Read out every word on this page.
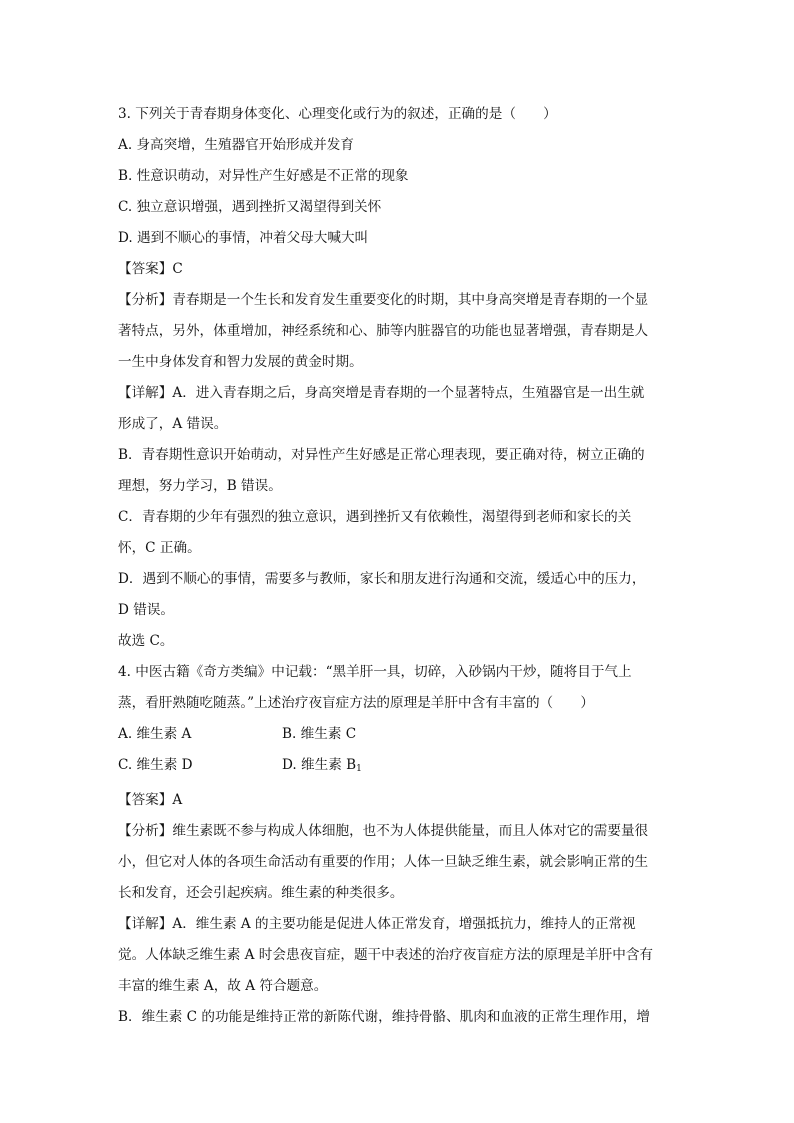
3. 下列关于青春期身体变化、心理变化或行为的叙述，正确的是（　　）
A. 身高突增，生殖器官开始形成并发育
B. 性意识萌动，对异性产生好感是不正常的现象
C. 独立意识增强，遇到挫折又渴望得到关怀
D. 遇到不顺心的事情，冲着父母大喊大叫
【答案】C
【分析】青春期是一个生长和发育发生重要变化的时期，其中身高突增是青春期的一个显
著特点，另外，体重增加，神经系统和心、肺等内脏器官的功能也显著增强，青春期是人
一生中身体发育和智力发展的黄金时期。
【详解】A．进入青春期之后，身高突增是青春期的一个显著特点，生殖器官是一出生就
形成了，A 错误。
B．青春期性意识开始萌动，对异性产生好感是正常心理表现，要正确对待，树立正确的
理想，努力学习，B 错误。
C．青春期的少年有强烈的独立意识，遇到挫折又有依赖性，渴望得到老师和家长的关
怀，C 正确。
D．遇到不顺心的事情，需要多与教师，家长和朋友进行沟通和交流，缓适心中的压力，
D 错误。
故选 C。
4. 中医古籍《奇方类编》中记载：“黑羊肝一具，切碎，入砂锅内干炒，随将目于气上
蒸，看肝熟随吃随蒸。”上述治疗夜盲症方法的原理是羊肝中含有丰富的（　　）
A. 维生素 A	B. 维生素 C
C. 维生素 D	D. 维生素 $B_1$
【答案】A
【分析】维生素既不参与构成人体细胞，也不为人体提供能量，而且人体对它的需要量很
小，但它对人体的各项生命活动有重要的作用；人体一旦缺乏维生素，就会影响正常的生
长和发育，还会引起疾病。维生素的种类很多。
【详解】A．维生素 A 的主要功能是促进人体正常发育，增强抵抗力，维持人的正常视
觉。人体缺乏维生素 A 时会患夜盲症，题干中表述的治疗夜盲症方法的原理是羊肝中含有
丰富的维生素 A，故 A 符合题意。
B．维生素 C 的功能是维持正常的新陈代谢，维持骨骼、肌肉和血液的正常生理作用，增
